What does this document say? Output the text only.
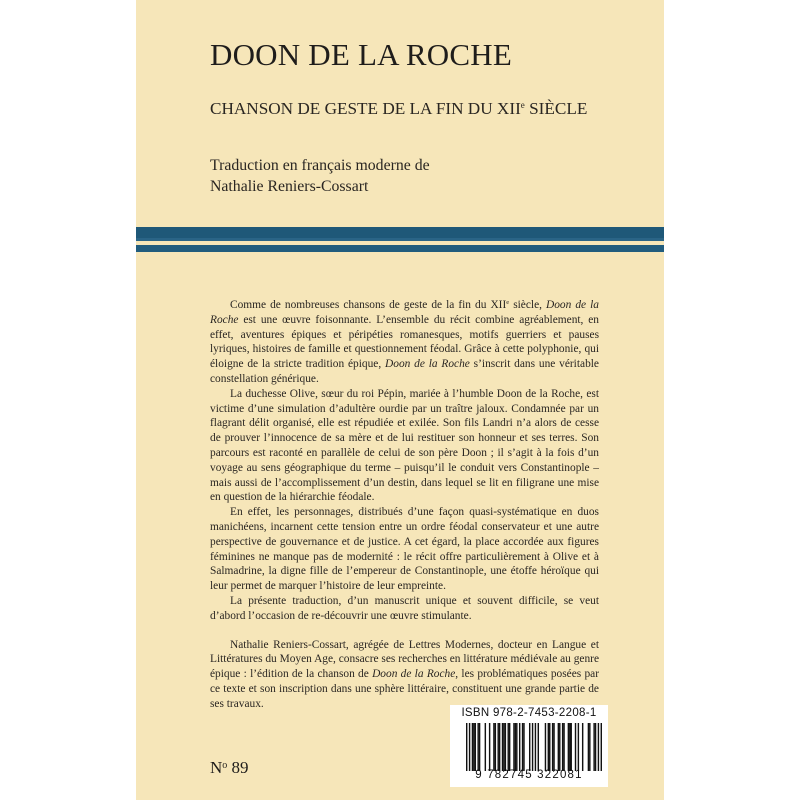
DOON DE LA ROCHE
CHANSON DE GESTE DE LA FIN DU XIIe SIÈCLE
Traduction en français moderne de
Nathalie Reniers-Cossart

Comme de nombreuses chansons de geste de la fin du XIIe siècle, Doon de la Roche est une œuvre foisonnante. L’ensemble du récit combine agréablement, en effet, aventures épiques et péripéties romanesques, motifs guerriers et pauses lyriques, histoires de famille et questionnement féodal. Grâce à cette polyphonie, qui éloigne de la stricte tradition épique, Doon de la Roche s’inscrit dans une véritable constellation générique.

La duchesse Olive, sœur du roi Pépin, mariée à l’humble Doon de la Roche, est victime d’une simulation d’adultère ourdie par un traître jaloux. Condamnée par un flagrant délit organisé, elle est répudiée et exilée. Son fils Landri n’a alors de cesse de prouver l’innocence de sa mère et de lui restituer son honneur et ses terres. Son parcours est raconté en parallèle de celui de son père Doon ; il s’agit à la fois d’un voyage au sens géographique du terme – puisqu’il le conduit vers Constantinople – mais aussi de l’accomplissement d’un destin, dans lequel se lit en filigrane une mise en question de la hiérarchie féodale.

En effet, les personnages, distribués d’une façon quasi-systématique en duos manichéens, incarnent cette tension entre un ordre féodal conservateur et une autre perspective de gouvernance et de justice. A cet égard, la place accordée aux figures féminines ne manque pas de modernité : le récit offre particulièrement à Olive et à Salmadrine, la digne fille de l’empereur de Constantinople, une étoffe héroïque qui leur permet de marquer l’histoire de leur empreinte.

La présente traduction, d’un manuscrit unique et souvent difficile, se veut d’abord l’occasion de re-découvrir une œuvre stimulante.

Nathalie Reniers-Cossart, agrégée de Lettres Modernes, docteur en Langue et Littératures du Moyen Age, consacre ses recherches en littérature médiévale au genre épique : l’édition de la chanson de Doon de la Roche, les problématiques posées par ce texte et son inscription dans une sphère littéraire, constituent une grande partie de ses travaux.

$N^o$ 89
ISBN 978-2-7453-2208-1
9 782745 322081
